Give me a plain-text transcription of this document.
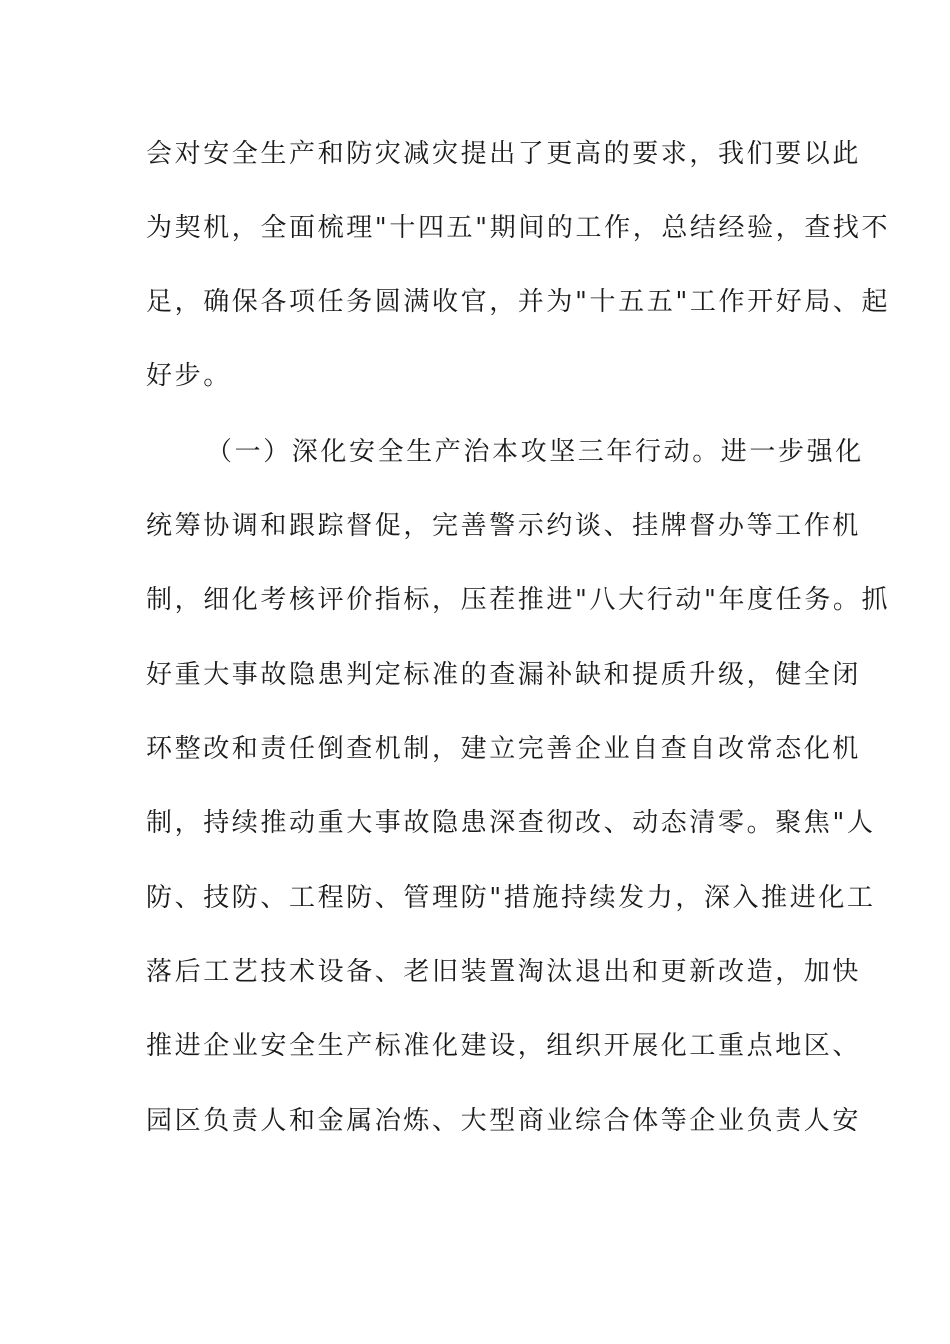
会对安全生产和防灾减灾提出了更高的要求，我们要以此
为契机，全面梳理"十四五"期间的工作，总结经验，查找不
足，确保各项任务圆满收官，并为"十五五"工作开好局、起
好步。
（一）深化安全生产治本攻坚三年行动。进一步强化
统筹协调和跟踪督促，完善警示约谈、挂牌督办等工作机
制，细化考核评价指标，压茬推进"八大行动"年度任务。抓
好重大事故隐患判定标准的查漏补缺和提质升级，健全闭
环整改和责任倒查机制，建立完善企业自查自改常态化机
制，持续推动重大事故隐患深查彻改、动态清零。聚焦"人
防、技防、工程防、管理防"措施持续发力，深入推进化工
落后工艺技术设备、老旧装置淘汰退出和更新改造，加快
推进企业安全生产标准化建设，组织开展化工重点地区、
园区负责人和金属冶炼、大型商业综合体等企业负责人安
